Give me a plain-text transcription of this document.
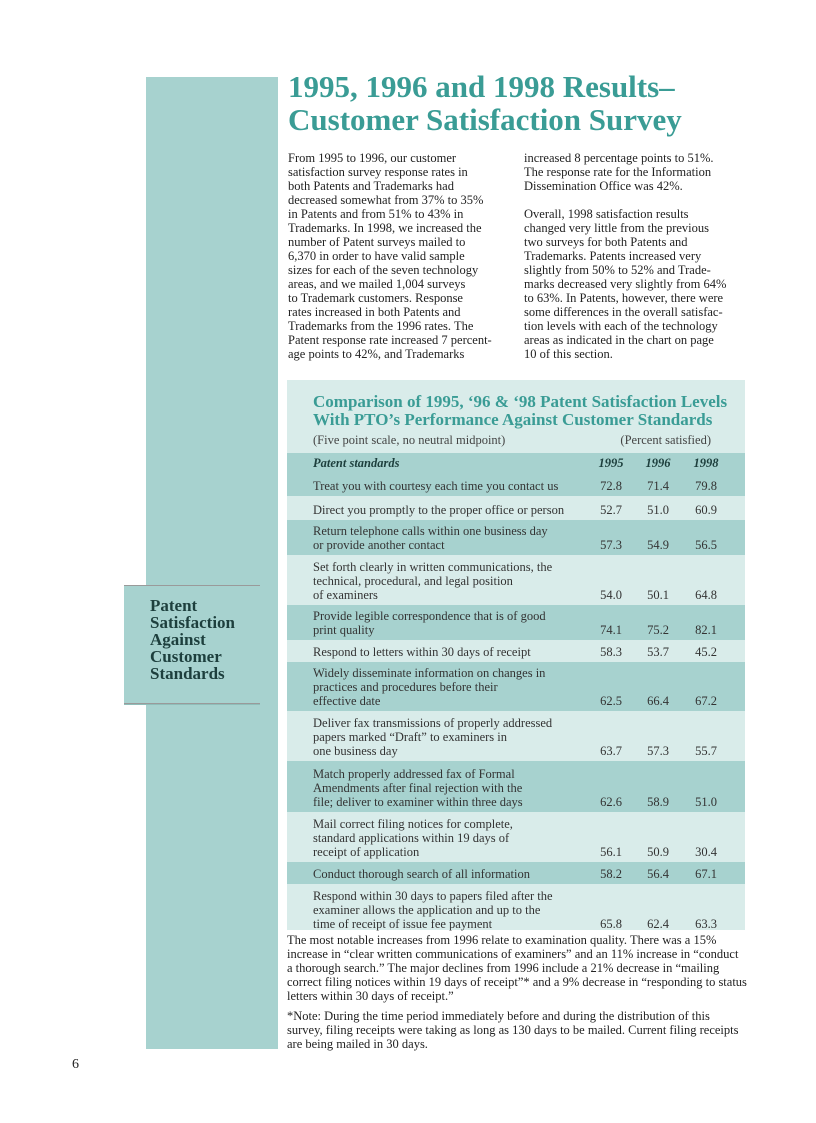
Patent Satisfaction Against Customer Standards
1995, 1996 and 1998 Results–
Customer Satisfaction Survey

From 1995 to 1996, our customer
satisfaction survey response rates in
both Patents and Trademarks had
decreased somewhat from 37% to 35%
in Patents and from 51% to 43% in
Trademarks. In 1998, we increased the
number of Patent surveys mailed to
6,370 in order to have valid sample
sizes for each of the seven technology
areas, and we mailed 1,004 surveys
to Trademark customers. Response
rates increased in both Patents and
Trademarks from the 1996 rates. The
Patent response rate increased 7 percent-
age points to 42%, and Trademarks

increased 8 percentage points to 51%.
The response rate for the Information
Dissemination Office was 42%.

Overall, 1998 satisfaction results
changed very little from the previous
two surveys for both Patents and
Trademarks. Patents increased very
slightly from 50% to 52% and Trade-
marks decreased very slightly from 64%
to 63%. In Patents, however, there were
some differences in the overall satisfac-
tion levels with each of the technology
areas as indicated in the chart on page
10 of this section.

Comparison of 1995, ‘96 & ‘98 Patent Satisfaction Levels
With PTO’s Performance Against Customer Standards
(Five point scale, no neutral midpoint)	(Percent satisfied)
Patent standards	1995	1996	1998
Treat you with courtesy each time you contact us	72.8	71.4	79.8
Direct you promptly to the proper office or person	52.7	51.0	60.9
Return telephone calls within one business day
or provide another contact	57.3	54.9	56.5
Set forth clearly in written communications, the
technical, procedural, and legal position
of examiners	54.0	50.1	64.8
Provide legible correspondence that is of good
print quality	74.1	75.2	82.1
Respond to letters within 30 days of receipt	58.3	53.7	45.2
Widely disseminate information on changes in
practices and procedures before their
effective date	62.5	66.4	67.2
Deliver fax transmissions of properly addressed
papers marked “Draft” to examiners in
one business day	63.7	57.3	55.7
Match properly addressed fax of Formal
Amendments after final rejection with the
file; deliver to examiner within three days	62.6	58.9	51.0
Mail correct filing notices for complete,
standard applications within 19 days of
receipt of application	56.1	50.9	30.4
Conduct thorough search of all information	58.2	56.4	67.1
Respond within 30 days to papers filed after the
examiner allows the application and up to the
time of receipt of issue fee payment	65.8	62.4	63.3

The most notable increases from 1996 relate to examination quality. There was a 15% increase in “clear written communications of examiners” and an 11% increase in “conduct a thorough search.” The major declines from 1996 include a 21% decrease in “mailing correct filing notices within 19 days of receipt”* and a 9% decrease in “responding to status letters within 30 days of receipt.”

*Note: During the time period immediately before and during the distribution of this survey, filing receipts were taking as long as 130 days to be mailed. Current filing receipts are being mailed in 30 days.

6
